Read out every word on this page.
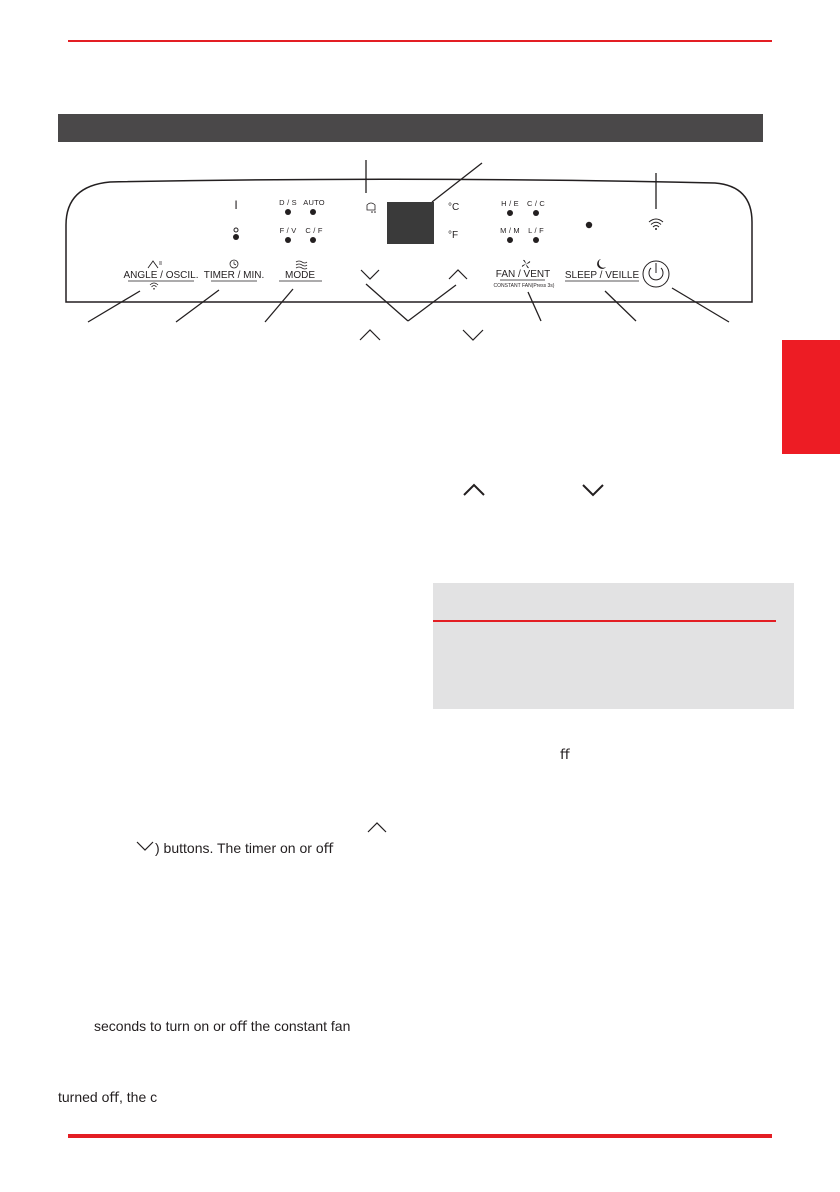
I	D / S AUTO
F / V C / F
°C
°F
H / E C / C
M / M L / F
ANGLE / OSCIL. TIMER / MIN. MODE	FAN / VENT
CONSTANT FAN(Press 3s)
SLEEP / VEILLE
ﬀ
) buttons. The timer on or oﬀ
seconds to turn on or oﬀ the constant fan
turned oﬀ, the c
